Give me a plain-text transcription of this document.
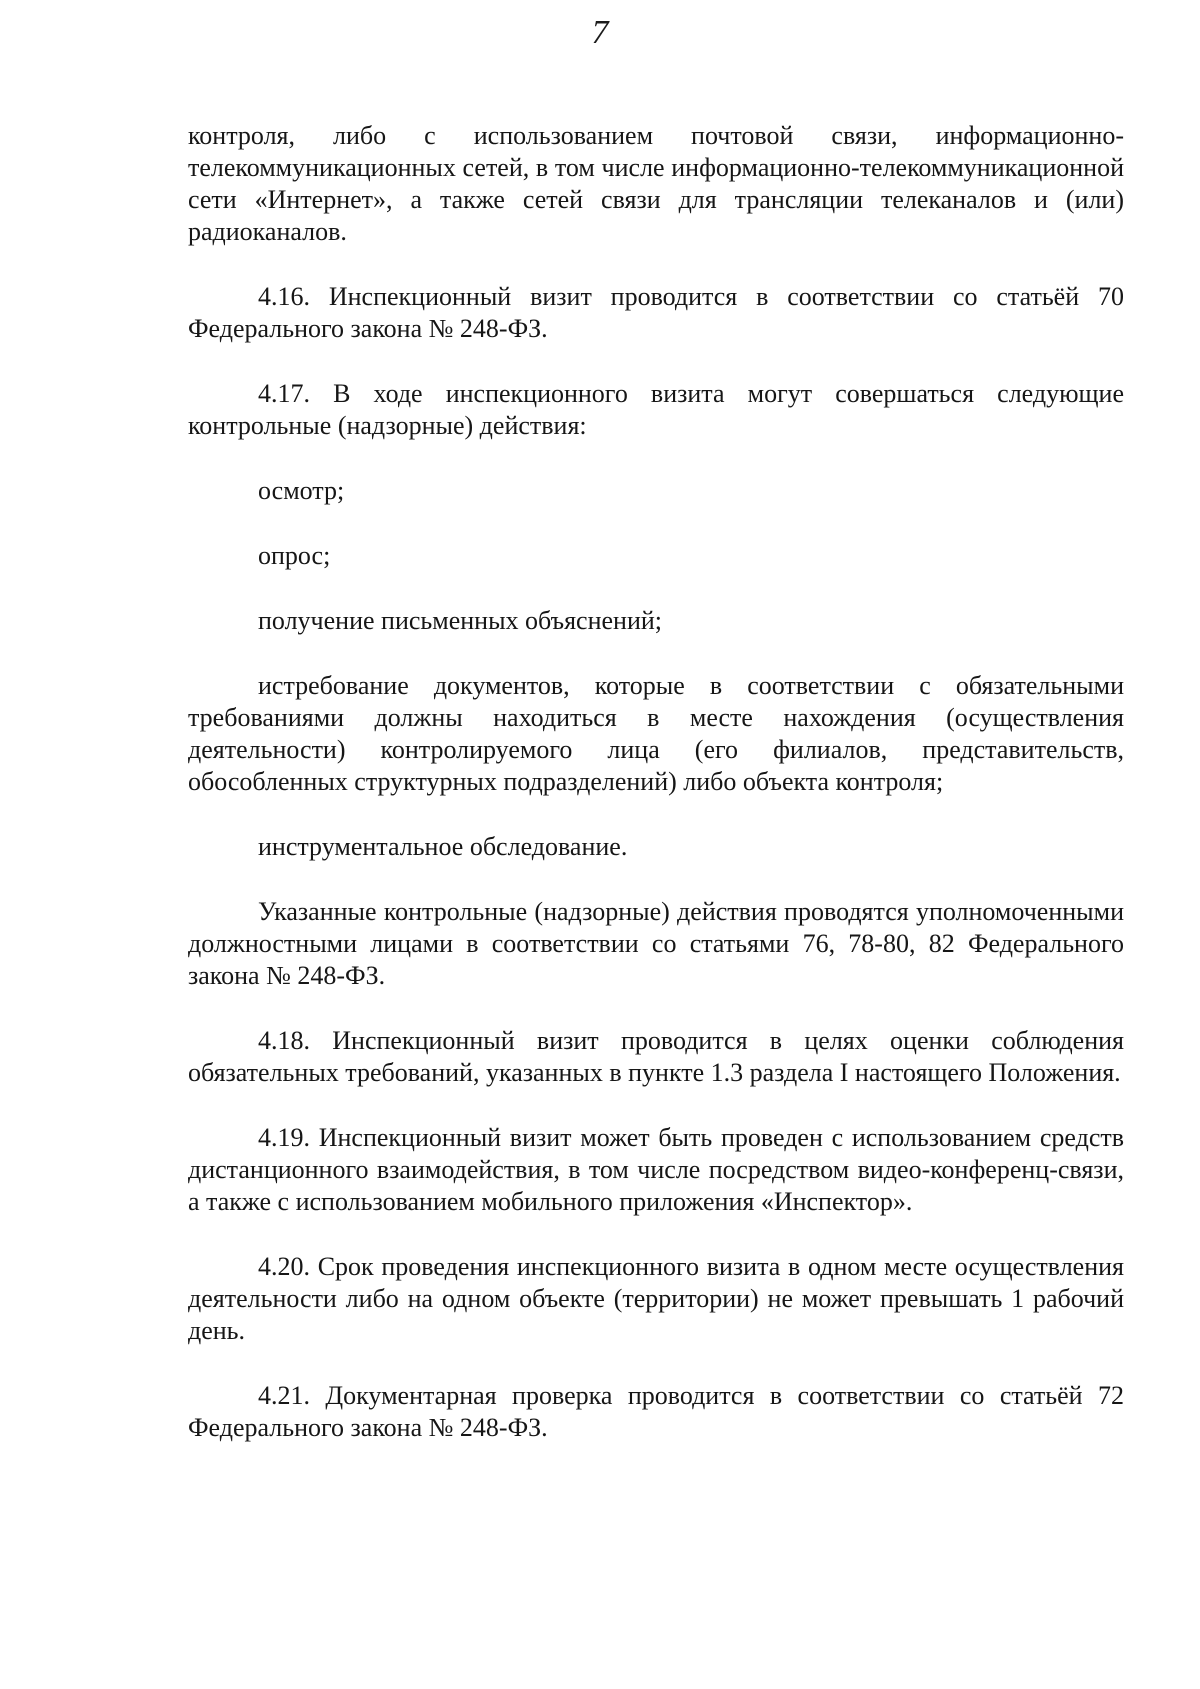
7

контроля, либо с использованием почтовой связи, информационно-телекоммуникационных сетей, в том числе информационно-телекоммуникационной сети «Интернет», а также сетей связи для трансляции телеканалов и (или) радиоканалов.

4.16. Инспекционный визит проводится в соответствии со статьёй 70 Федерального закона № 248-ФЗ.

4.17. В ходе инспекционного визита могут совершаться следующие контрольные (надзорные) действия:

осмотр;

опрос;

получение письменных объяснений;

истребование документов, которые в соответствии с обязательными требованиями должны находиться в месте нахождения (осуществления деятельности) контролируемого лица (его филиалов, представительств, обособленных структурных подразделений) либо объекта контроля;

инструментальное обследование.

Указанные контрольные (надзорные) действия проводятся уполномоченными должностными лицами в соответствии со статьями 76, 78-80, 82 Федерального закона № 248-ФЗ.

4.18. Инспекционный визит проводится в целях оценки соблюдения обязательных требований, указанных в пункте 1.3 раздела I настоящего Положения.

4.19. Инспекционный визит может быть проведен с использованием средств дистанционного взаимодействия, в том числе посредством видео-конференц-связи, а также с использованием мобильного приложения «Инспектор».

4.20. Срок проведения инспекционного визита в одном месте осуществления деятельности либо на одном объекте (территории) не может превышать 1 рабочий день.

4.21. Документарная проверка проводится в соответствии со статьёй 72 Федерального закона № 248-ФЗ.
